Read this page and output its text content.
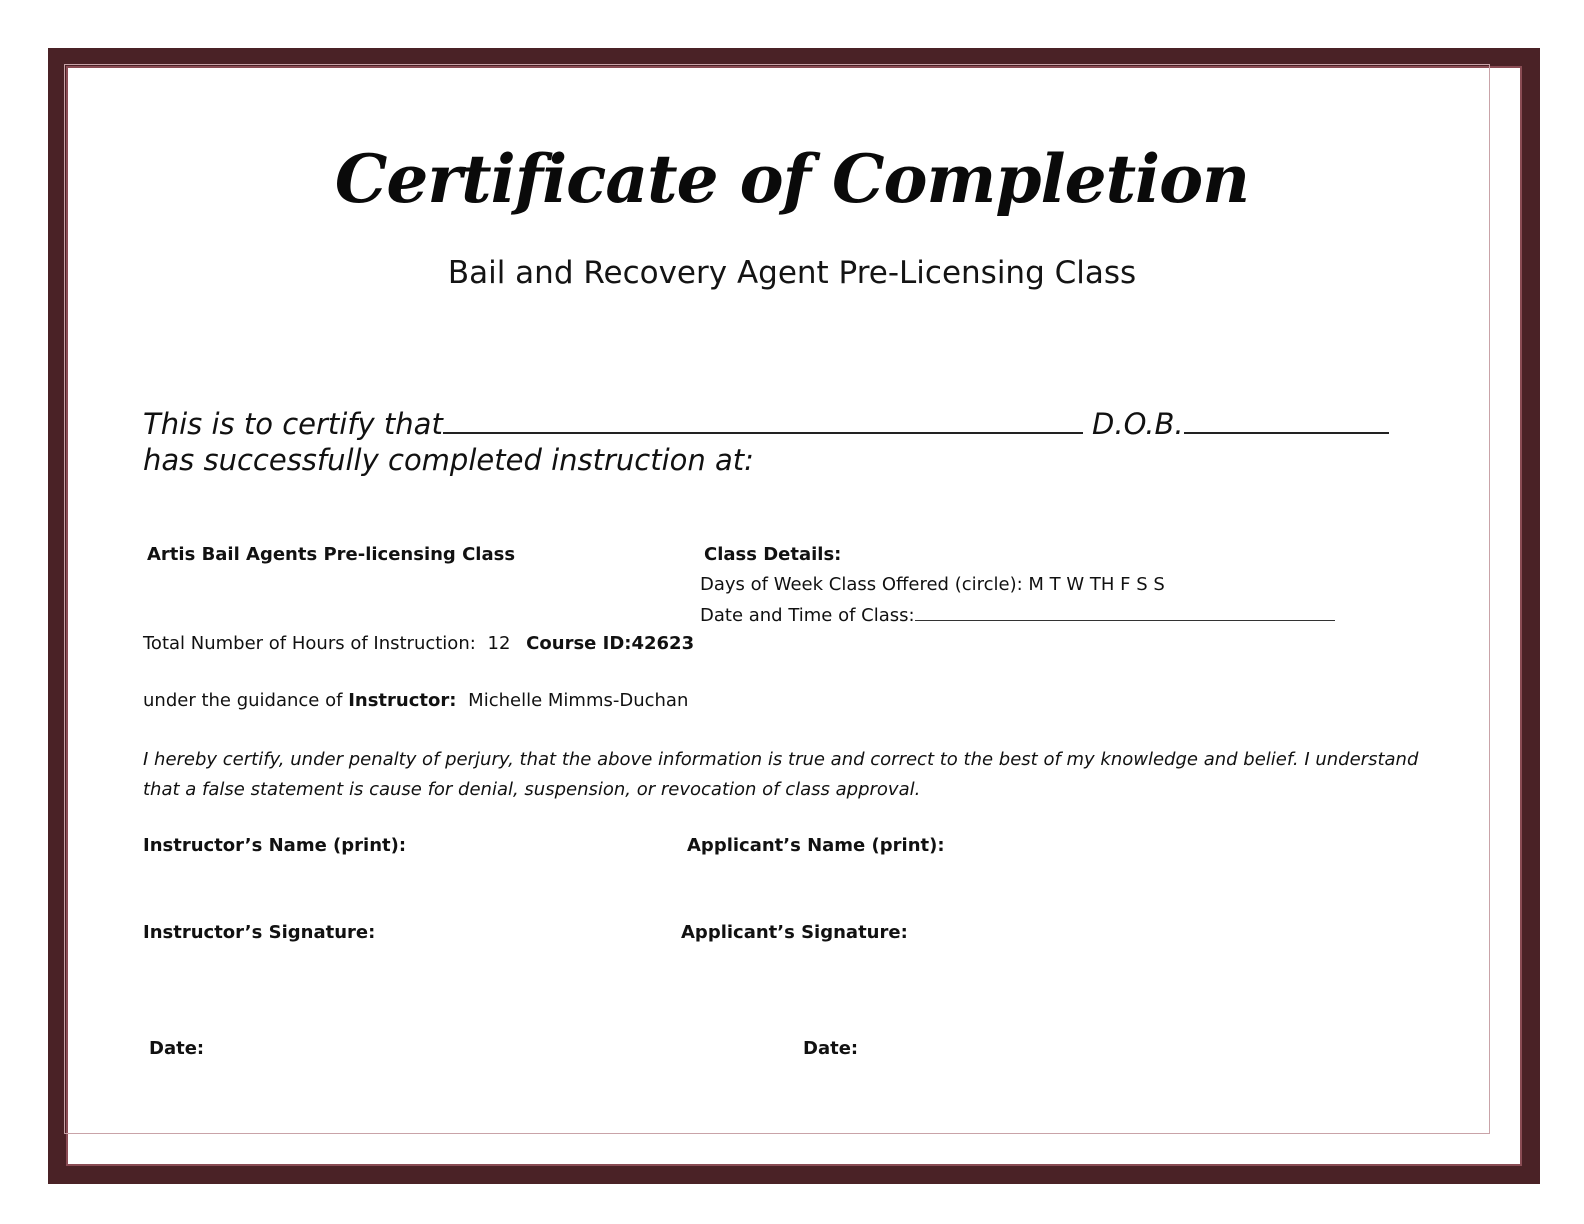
Certificate of Completion
Bail and Recovery Agent Pre-Licensing Class
This is to certify that	D.O.B.
has successfully completed instruction at:
Artis Bail Agents Pre-licensing Class	Class Details:
Days of Week Class Offered (circle): M T W TH F S S
Date and Time of Class:
Total Number of Hours of Instruction: 12 Course ID:42623
under the guidance of Instructor: Michelle Mimms-Duchan
I hereby certify, under penalty of perjury, that the above information is true and correct to the best of my knowledge and belief. I understand that a false statement is cause for denial, suspension, or revocation of class approval.
Instructor’s Name (print):	Applicant’s Name (print):
Instructor’s Signature:	Applicant’s Signature:
Date:	Date:
